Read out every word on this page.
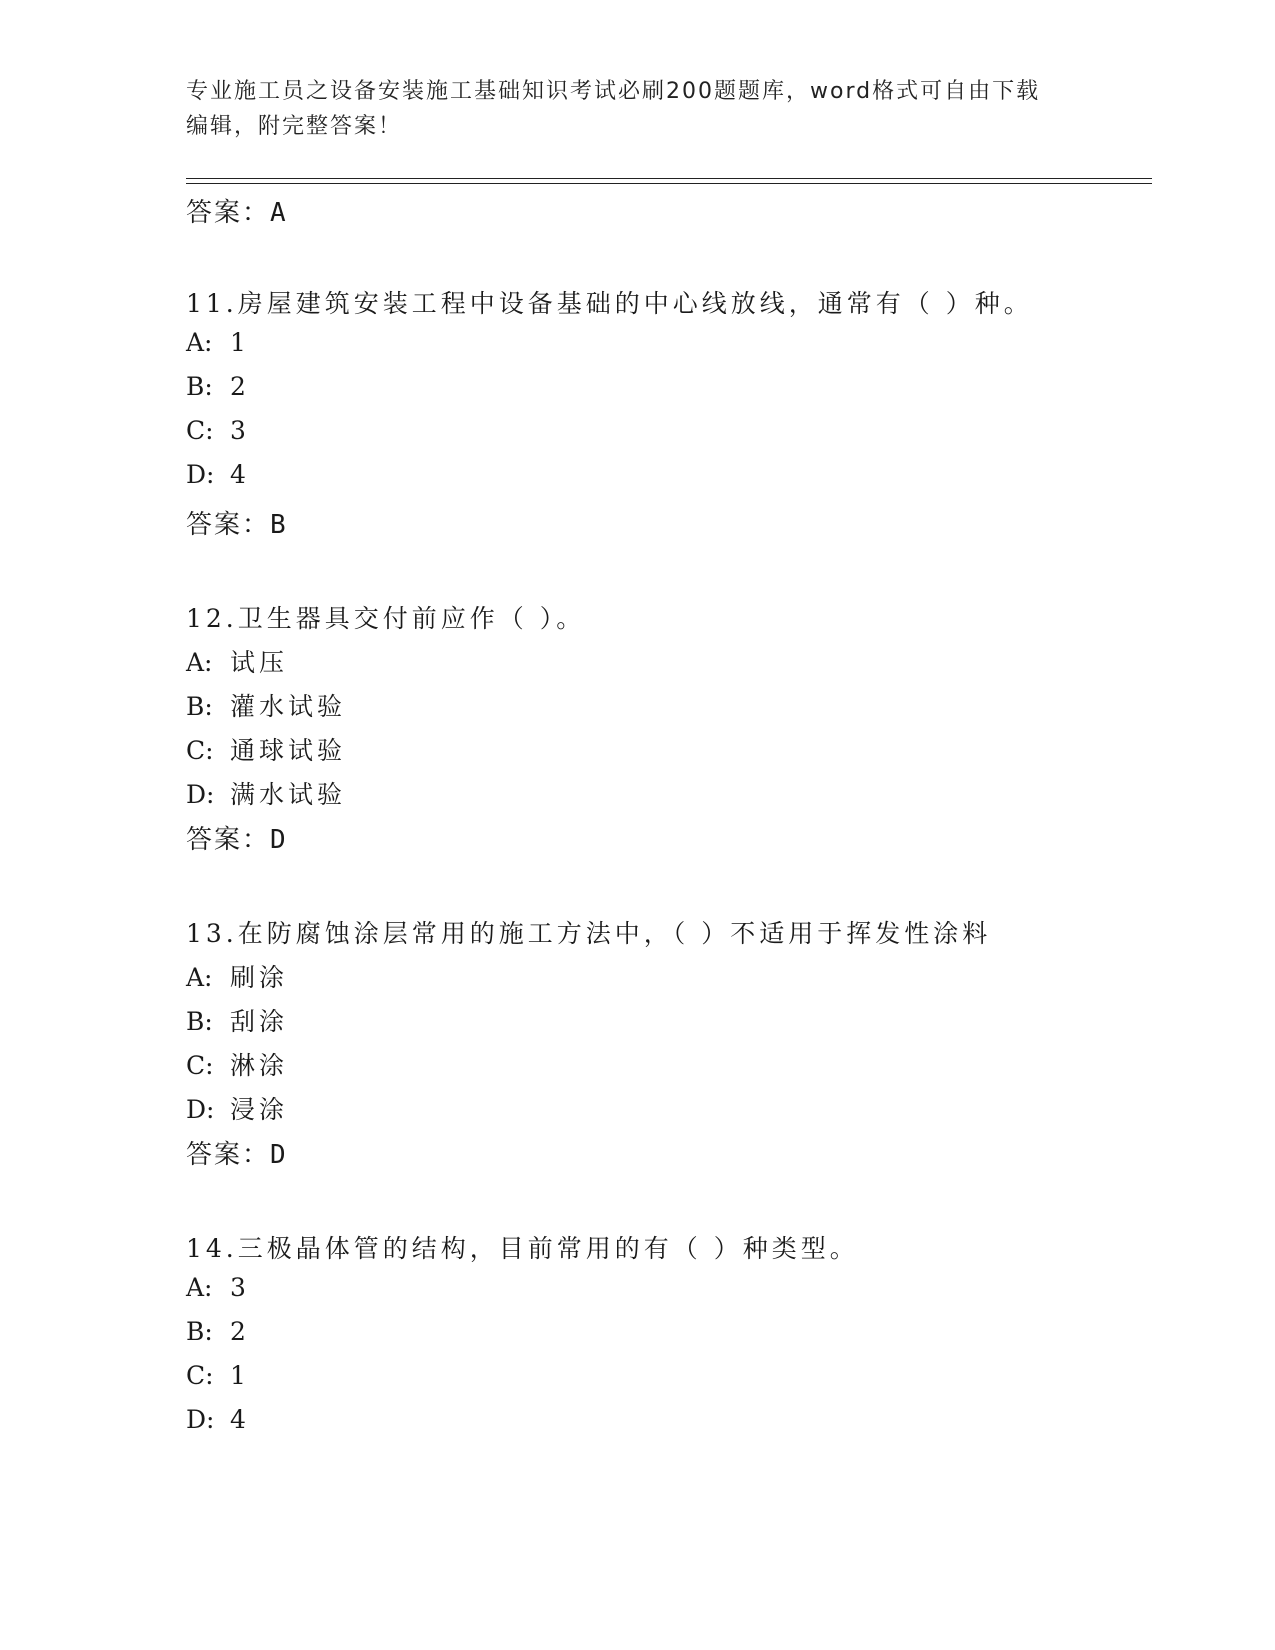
专业施工员之设备安装施工基础知识考试必刷200题题库，word格式可自由下载
编辑，附完整答案！
答案：A
11.房屋建筑安装工程中设备基础的中心线放线，通常有（ ）种。
A: 1
B: 2
C: 3
D: 4
答案：B
12.卫生器具交付前应作（ ）。
A: 试压
B: 灌水试验
C: 通球试验
D: 满水试验
答案：D
13.在防腐蚀涂层常用的施工方法中，（ ）不适用于挥发性涂料
A: 刷涂
B: 刮涂
C: 淋涂
D: 浸涂
答案：D
14.三极晶体管的结构，目前常用的有（ ）种类型。
A: 3
B: 2
C: 1
D: 4
